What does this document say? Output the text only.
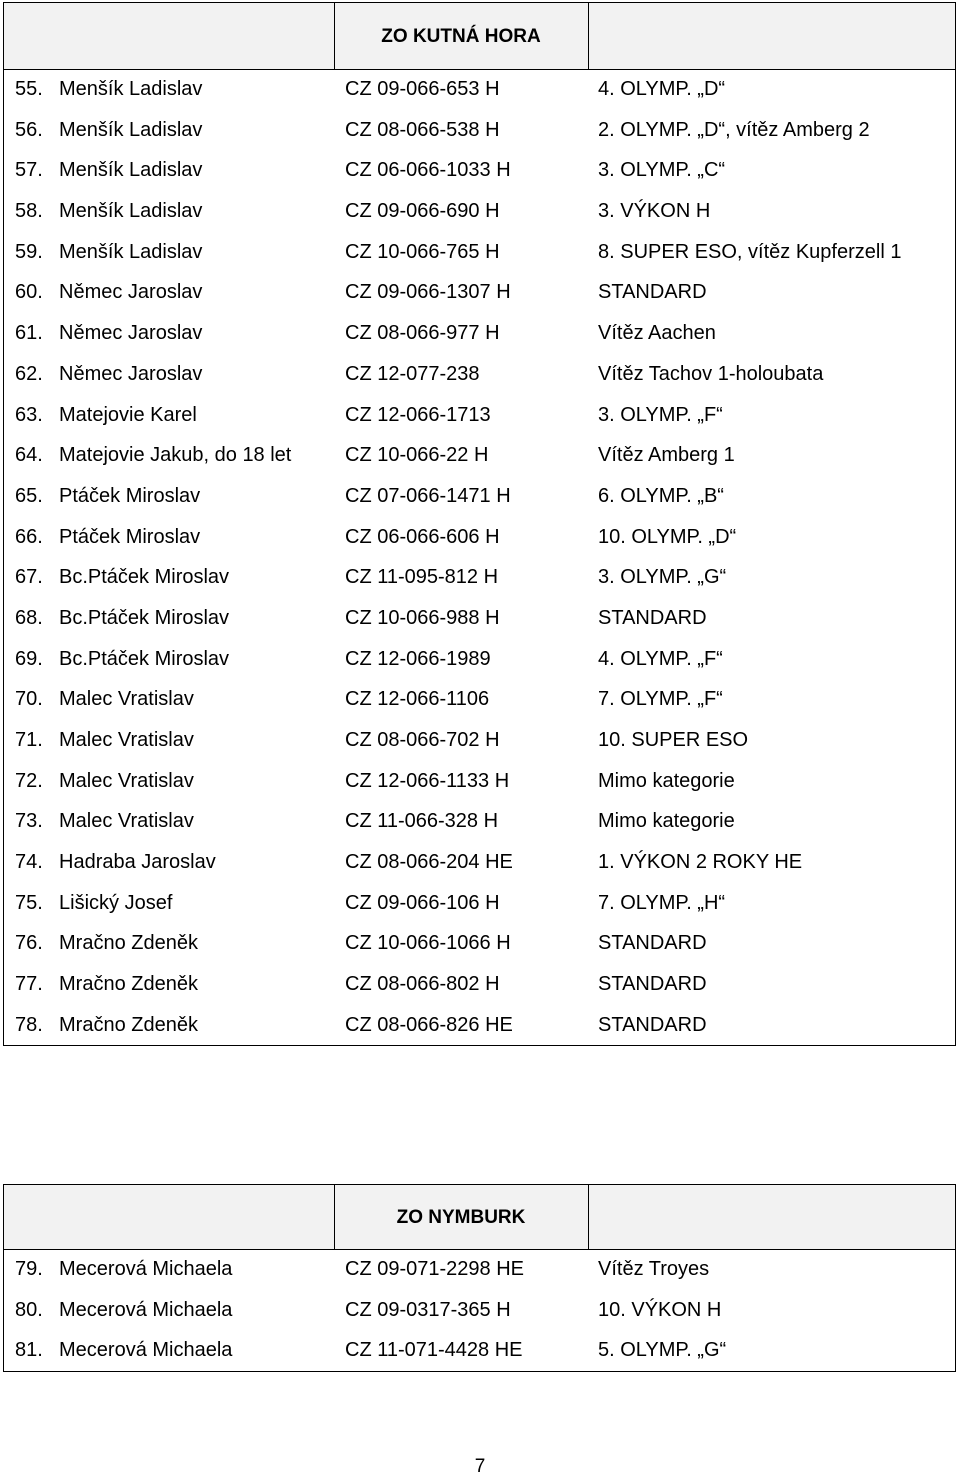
ZO KUTNÁ HORA
55. Menšík Ladislav	CZ 09-066-653 H	4. OLYMP. „D“
56. Menšík Ladislav	CZ 08-066-538 H	2. OLYMP. „D“, vítěz Amberg 2
57. Menšík Ladislav	CZ 06-066-1033 H	3. OLYMP. „C“
58. Menšík Ladislav	CZ 09-066-690 H	3. VÝKON H
59. Menšík Ladislav	CZ 10-066-765 H	8. SUPER ESO, vítěz Kupferzell 1
60. Němec Jaroslav	CZ 09-066-1307 H	STANDARD
61. Němec Jaroslav	CZ 08-066-977 H	Vítěz Aachen
62. Němec Jaroslav	CZ 12-077-238	Vítěz Tachov 1-holoubata
63. Matejovie Karel	CZ 12-066-1713	3. OLYMP. „F“
64. Matejovie Jakub, do 18 let	CZ 10-066-22 H	Vítěz Amberg 1
65. Ptáček Miroslav	CZ 07-066-1471 H	6. OLYMP. „B“
66. Ptáček Miroslav	CZ 06-066-606 H	10. OLYMP. „D“
67. Bc.Ptáček Miroslav	CZ 11-095-812 H	3. OLYMP. „G“
68. Bc.Ptáček Miroslav	CZ 10-066-988 H	STANDARD
69. Bc.Ptáček Miroslav	CZ 12-066-1989	4. OLYMP. „F“
70. Malec Vratislav	CZ 12-066-1106	7. OLYMP. „F“
71. Malec Vratislav	CZ 08-066-702 H	10. SUPER ESO
72. Malec Vratislav	CZ 12-066-1133 H	Mimo kategorie
73. Malec Vratislav	CZ 11-066-328 H	Mimo kategorie
74. Hadraba Jaroslav	CZ 08-066-204 HE	1. VÝKON 2 ROKY HE
75. Lišický Josef	CZ 09-066-106 H	7. OLYMP. „H“
76. Mračno Zdeněk	CZ 10-066-1066 H	STANDARD
77. Mračno Zdeněk	CZ 08-066-802 H	STANDARD
78. Mračno Zdeněk	CZ 08-066-826 HE	STANDARD
ZO NYMBURK
79. Mecerová Michaela	CZ 09-071-2298 HE	Vítěz Troyes
80. Mecerová Michaela	CZ 09-0317-365 H	10. VÝKON H
81. Mecerová Michaela	CZ 11-071-4428 HE	5. OLYMP. „G“
7
